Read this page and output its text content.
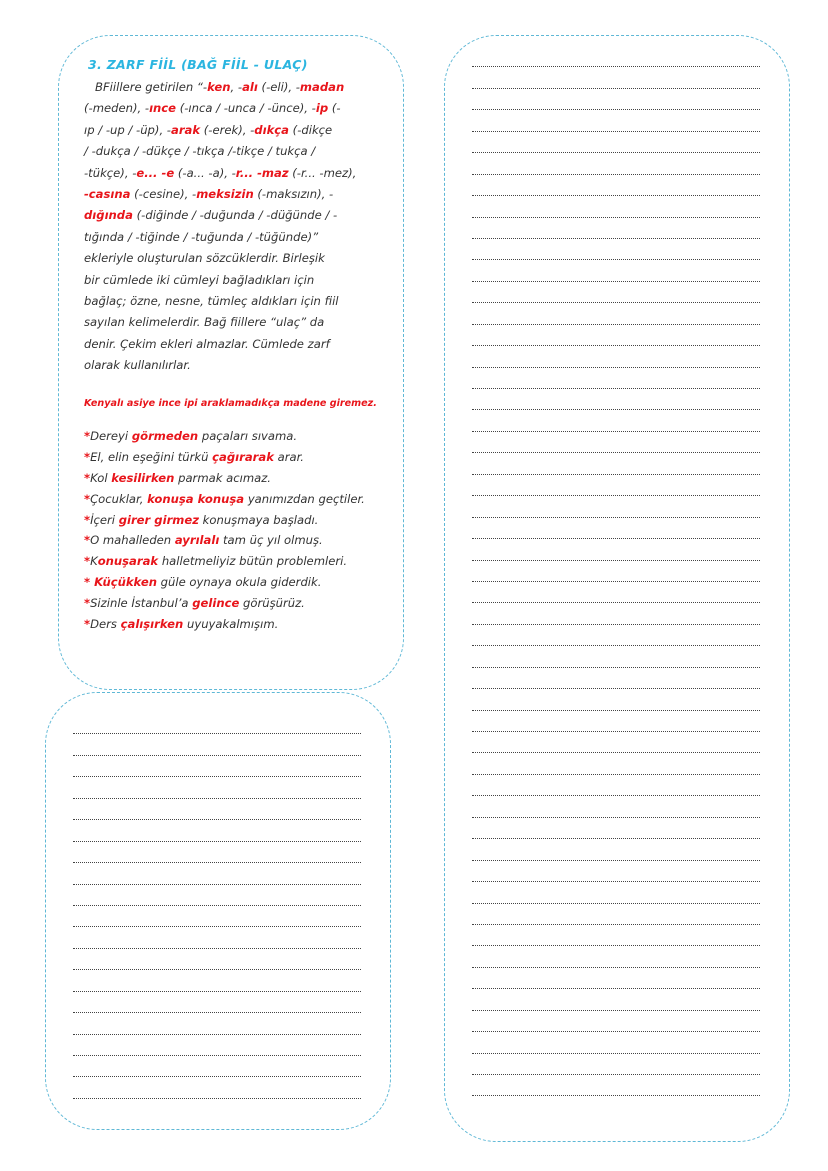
3. ZARF FİİL (BAĞ FİİL - ULAÇ)
BFiillere getirilen “-ken, -alı (-eli), -madan
(-meden), -ınce (-ınca / -unca / -ünce), -ip (-
ıp / -up / -üp), -arak (-erek), -dıkça (-dikçe
/ -dukça / -dükçe / -tıkça /-tikçe / tukça /
-tükçe), -e... -e (-a... -a), -r... -maz (-r... -mez),
-casına (-cesine), -meksizin (-maksızın), -
dığında (-diğinde / -duğunda / -düğünde / -
tığında / -tiğinde / -tuğunda / -tüğünde)”
ekleriyle oluşturulan sözcüklerdir. Birleşik
bir cümlede iki cümleyi bağladıkları için
bağlaç; özne, nesne, tümleç aldıkları için fiil
sayılan kelimelerdir. Bağ fiillere “ulaç” da
denir. Çekim ekleri almazlar. Cümlede zarf
olarak kullanılırlar.
Kenyalı asiye ince ipi araklamadıkça madene giremez.
*Dereyi görmeden paçaları sıvama.
*El, elin eşeğini türkü çağırarak arar.
*Kol kesilirken parmak acımaz.
*Çocuklar, konuşa konuşa yanımızdan geçtiler.
*İçeri girer girmez konuşmaya başladı.
*O mahalleden ayrılalı tam üç yıl olmuş.
*Konuşarak halletmeliyiz bütün problemleri.
* Küçükken güle oynaya okula giderdik.
*Sizinle İstanbul’a gelince görüşürüz.
*Ders çalışırken uyuyakalmışım.
